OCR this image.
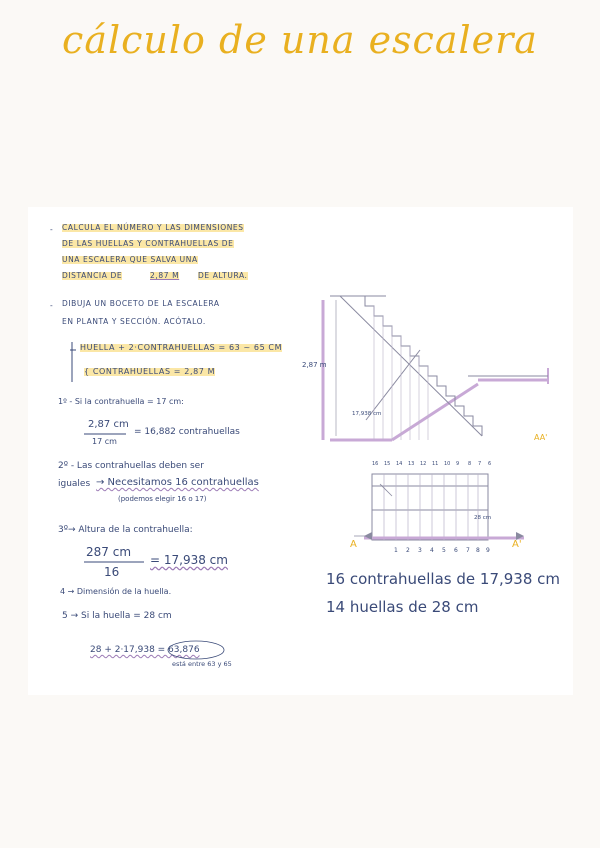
cálculo de una escalera
- CALCULA EL NÚMERO Y LAS DIMENSIONES
DE LAS HUELLAS Y CONTRAHUELLAS DE
UNA ESCALERA QUE SALVA UNA
DISTANCIA DE	2,87 M	DE ALTURA.
- DIBUJA UN BOCETO DE LA ESCALERA
EN PLANTA Y SECCIÓN. ACÓTALO.
HUELLA + 2·CONTRAHUELLAS = 63 ~ 65 CM
{ CONTRAHUELLAS = 2,87 M
1º - Si la contrahuella = 17 cm:
2,87 cm
17 cm
= 16,882 contrahuellas
2º - Las contrahuellas deben ser
iguales → Necesitamos 16 contrahuellas
(podemos elegir 16 o 17)
3º→ Altura de la contrahuella:
287 cm
16
= 17,938 cm
4 → Dimensión de la huella.
5 → Si la huella = 28 cm
28 + 2·17,938 = 63,876
está entre 63 y 65
2,87 m
17,938 cm
AA'
28 cm
A	A'
16 15 14 13 12 11 10 9 8 7 6
1 2 3 4 5 6 7 8 9
16 contrahuellas de 17,938 cm
14 huellas de 28 cm
